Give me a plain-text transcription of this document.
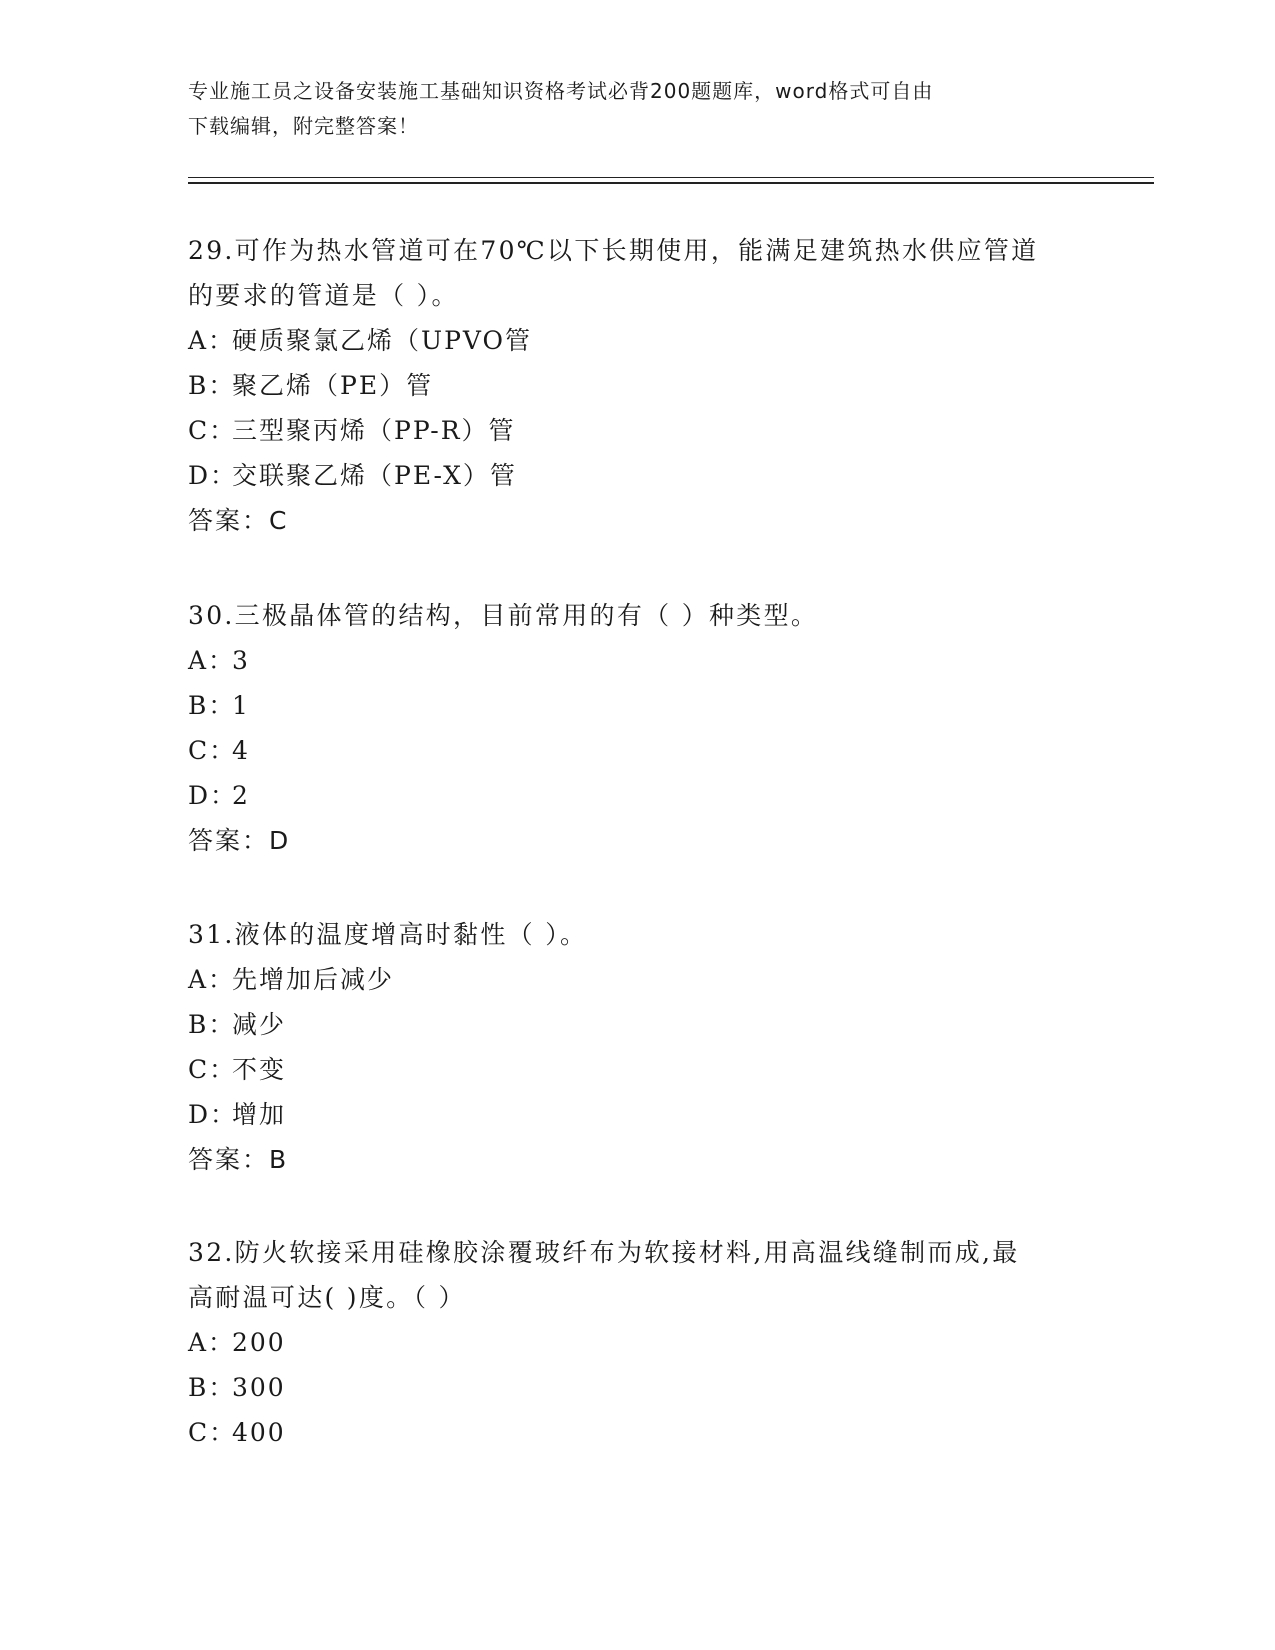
专业施工员之设备安装施工基础知识资格考试必背200题题库，word格式可自由
下载编辑，附完整答案！

29.可作为热水管道可在70℃以下长期使用，能满足建筑热水供应管道

的要求的管道是（ ）。

A：硬质聚氯乙烯（UPVO管

B：聚乙烯（PE）管

C：三型聚丙烯（PP-R）管

D：交联聚乙烯（PE-X）管

答案：C

30.三极晶体管的结构，目前常用的有（ ）种类型。

A：3

B：1

C：4

D：2

答案：D

31.液体的温度增高时黏性（ ）。

A：先增加后减少

B：减少

C：不变

D：增加

答案：B

32.防火软接采用硅橡胶涂覆玻纤布为软接材料,用高温线缝制而成,最

高耐温可达( )度。（ ）

A：200

B：300

C：400
